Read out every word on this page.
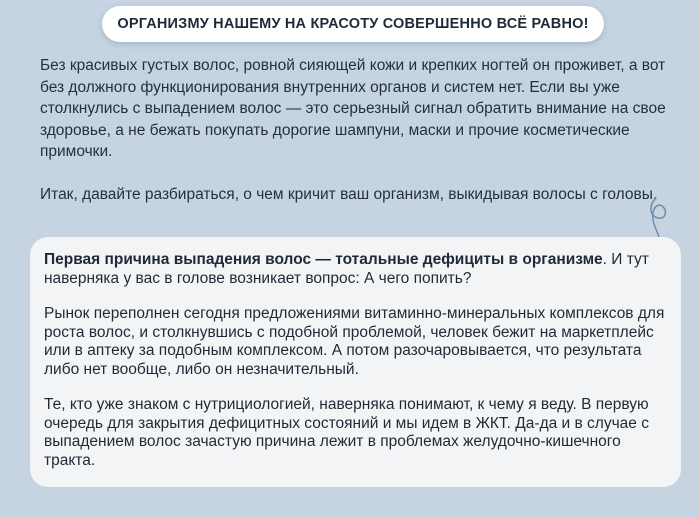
ОРГАНИЗМУ НАШЕМУ НА КРАСОТУ СОВЕРШЕННО ВСЁ РАВНО!

Без красивых густых волос, ровной сияющей кожи и крепких ногтей он проживет, а вот без должного функционирования внутренних органов и систем нет. Если вы уже столкнулись с выпадением волос — это серьезный сигнал обратить внимание на свое здоровье, а не бежать покупать дорогие шампуни, маски и прочие косметические примочки.

Итак, давайте разбираться, о чем кричит ваш организм, выкидывая волосы с головы.

Первая причина выпадения волос — тотальные дефициты в организме. И тут наверняка у вас в голове возникает вопрос: А чего попить?

Рынок переполнен сегодня предложениями витаминно-минеральных комплексов для роста волос, и столкнувшись с подобной проблемой, человек бежит на маркетплейс или в аптеку за подобным комплексом. А потом разочаровывается, что результата либо нет вообще, либо он незначительный.

Те, кто уже знаком с нутрициологией, наверняка понимают, к чему я веду. В первую очередь для закрытия дефицитных состояний и мы идем в ЖКТ. Да-да и в случае с выпадением волос зачастую причина лежит в проблемах желудочно-кишечного тракта.
